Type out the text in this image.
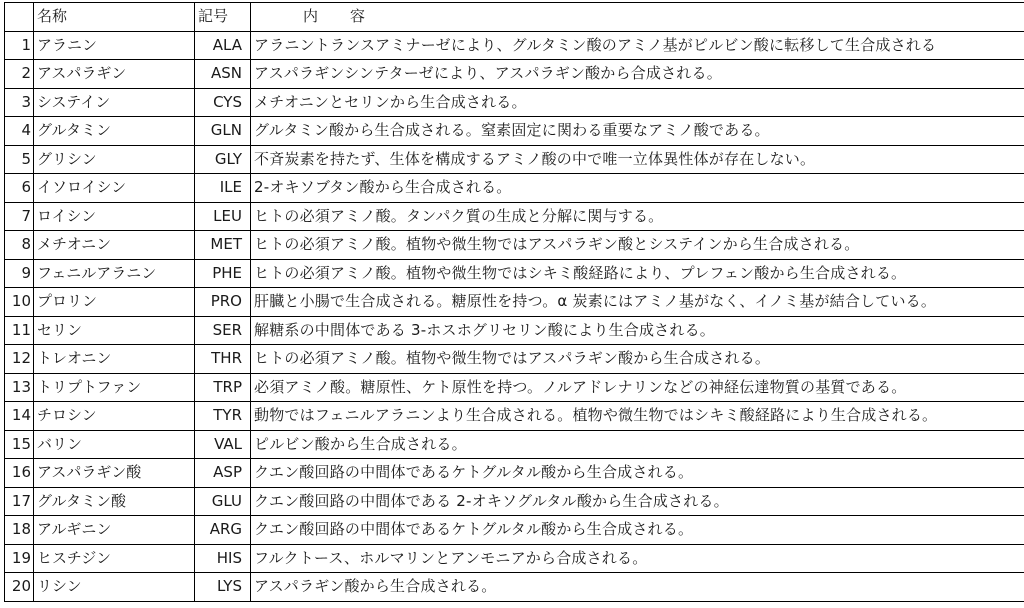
	名称	記号	内 容
1	アラニン	ALA	アラニントランスアミナーゼにより、グルタミン酸のアミノ基がピルビン酸に転移して生合成される
2	アスパラギン	ASN	アスパラギンシンテターゼにより、アスパラギン酸から合成される。
3	システイン	CYS	メチオニンとセリンから生合成される。
4	グルタミン	GLN	グルタミン酸から生合成される。窒素固定に関わる重要なアミノ酸である。
5	グリシン	GLY	不斉炭素を持たず、生体を構成するアミノ酸の中で唯一立体異性体が存在しない。
6	イソロイシン	ILE	2-オキソブタン酸から生合成される。
7	ロイシン	LEU	ヒトの必須アミノ酸。タンパク質の生成と分解に関与する。
8	メチオニン	MET	ヒトの必須アミノ酸。植物や微生物ではアスパラギン酸とシステインから生合成される。
9	フェニルアラニン	PHE	ヒトの必須アミノ酸。植物や微生物ではシキミ酸経路により、プレフェン酸から生合成される。
10	プロリン	PRO	肝臓と小腸で生合成される。糖原性を持つ。α 炭素にはアミノ基がなく、イノミ基が結合している。
11	セリン	SER	解糖系の中間体である 3-ホスホグリセリン酸により生合成される。
12	トレオニン	THR	ヒトの必須アミノ酸。植物や微生物ではアスパラギン酸から生合成される。
13	トリプトファン	TRP	必須アミノ酸。糖原性、ケト原性を持つ。ノルアドレナリンなどの神経伝達物質の基質である。
14	チロシン	TYR	動物ではフェニルアラニンより生合成される。植物や微生物ではシキミ酸経路により生合成される。
15	バリン	VAL	ピルビン酸から生合成される。
16	アスパラギン酸	ASP	クエン酸回路の中間体であるケトグルタル酸から生合成される。
17	グルタミン酸	GLU	クエン酸回路の中間体である 2-オキソグルタル酸から生合成される。
18	アルギニン	ARG	クエン酸回路の中間体であるケトグルタル酸から生合成される。
19	ヒスチジン	HIS	フルクトース、ホルマリンとアンモニアから合成される。
20	リシン	LYS	アスパラギン酸から生合成される。
